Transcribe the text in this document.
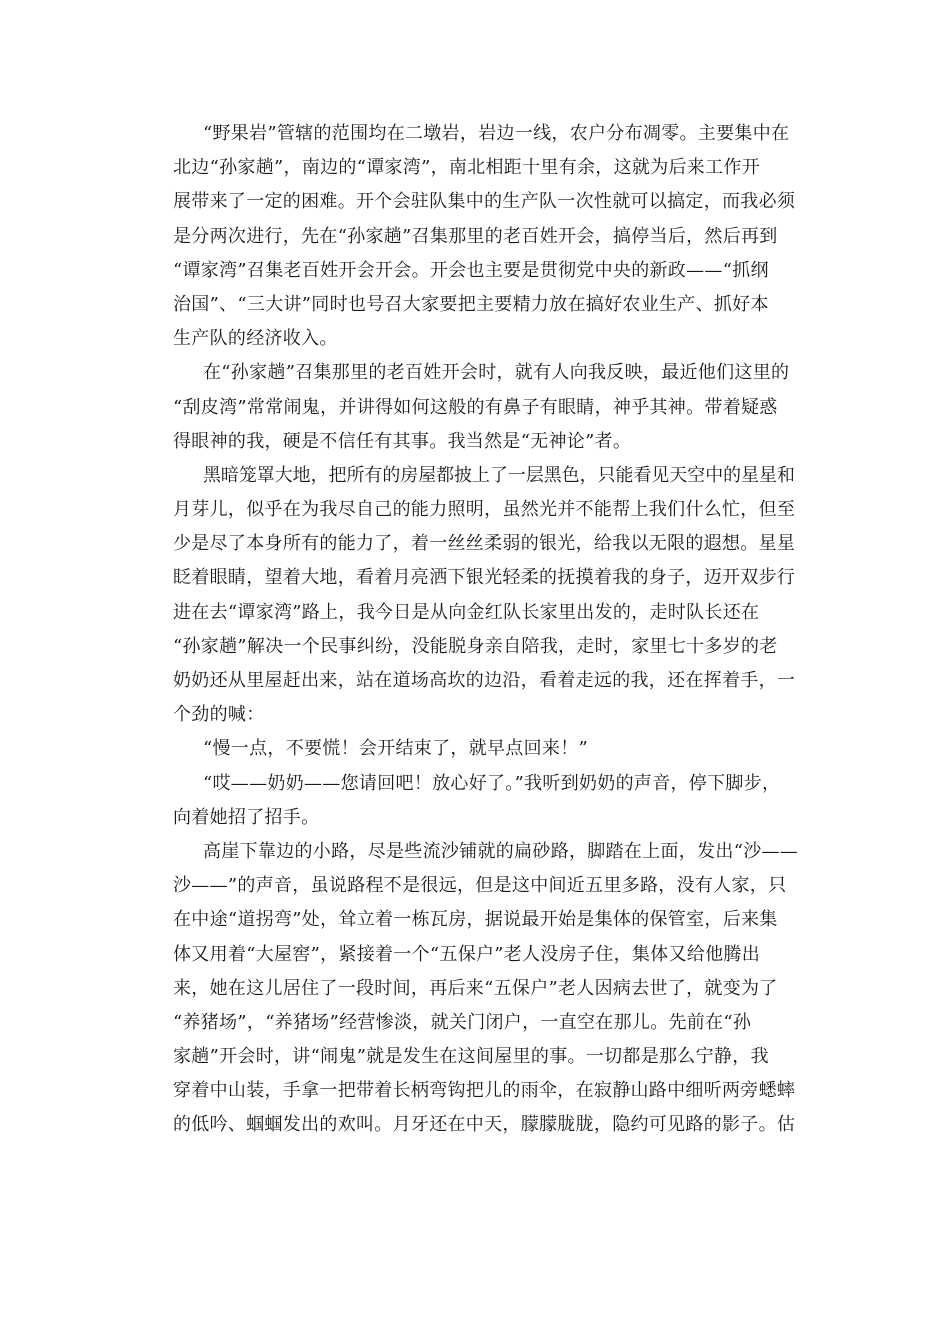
“野果岩”管辖的范围均在二墩岩，岩边一线，农户分布凋零。主要集中在
北边“孙家趟”，南边的“谭家湾”，南北相距十里有余，这就为后来工作开
展带来了一定的困难。开个会驻队集中的生产队一次性就可以搞定，而我必须
是分两次进行，先在“孙家趟”召集那里的老百姓开会，搞停当后，然后再到
“谭家湾”召集老百姓开会开会。开会也主要是贯彻党中央的新政——“抓纲
治国”、“三大讲”同时也号召大家要把主要精力放在搞好农业生产、抓好本
生产队的经济收入。
在“孙家趟”召集那里的老百姓开会时，就有人向我反映，最近他们这里的
“刮皮湾”常常闹鬼，并讲得如何这般的有鼻子有眼睛，神乎其神。带着疑惑
得眼神的我，硬是不信任有其事。我当然是“无神论”者。
黑暗笼罩大地，把所有的房屋都披上了一层黑色，只能看见天空中的星星和
月芽儿，似乎在为我尽自己的能力照明，虽然光并不能帮上我们什么忙，但至
少是尽了本身所有的能力了，着一丝丝柔弱的银光，给我以无限的遐想。星星
眨着眼睛，望着大地，看着月亮洒下银光轻柔的抚摸着我的身子，迈开双步行
进在去“谭家湾”路上，我今日是从向金红队长家里出发的，走时队长还在
“孙家趟”解决一个民事纠纷，没能脱身亲自陪我，走时，家里七十多岁的老
奶奶还从里屋赶出来，站在道场高坎的边沿，看着走远的我，还在挥着手，一
个劲的喊：
“慢一点，不要慌！会开结束了，就早点回来！”
“哎——奶奶——您请回吧！放心好了。”我听到奶奶的声音，停下脚步，
向着她招了招手。
高崖下靠边的小路，尽是些流沙铺就的扁砂路，脚踏在上面，发出“沙——
沙——”的声音，虽说路程不是很远，但是这中间近五里多路，没有人家，只
在中途“道拐弯”处，耸立着一栋瓦房，据说最开始是集体的保管室，后来集
体又用着“大屋窖”，紧接着一个“五保户”老人没房子住，集体又给他腾出
来，她在这儿居住了一段时间，再后来“五保户”老人因病去世了，就变为了
“养猪场”，“养猪场”经营惨淡，就关门闭户，一直空在那儿。先前在“孙
家趟”开会时，讲“闹鬼”就是发生在这间屋里的事。一切都是那么宁静，我
穿着中山装，手拿一把带着长柄弯钩把儿的雨伞，在寂静山路中细听两旁蟋蟀
的低吟、蝈蝈发出的欢叫。月牙还在中天，朦朦胧胧，隐约可见路的影子。估
